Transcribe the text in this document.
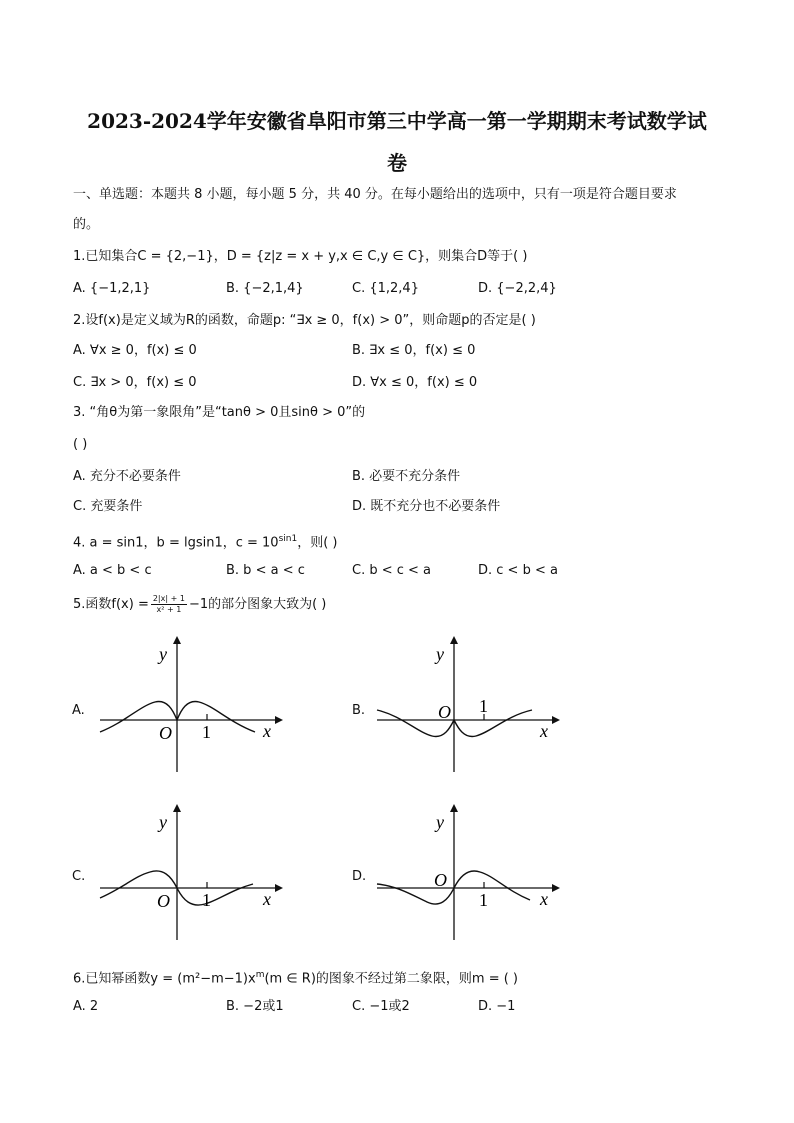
2023-2024学年安徽省阜阳市第三中学高一第一学期期末考试数学试
卷
一、单选题：本题共 8 小题，每小题 5 分，共 40 分。在每小题给出的选项中，只有一项是符合题目要求
的。
1.已知集合C = {2,−1}，D = {z|z = x + y,x ∈ C,y ∈ C}，则集合D等于( )
A. {−1,2,1}	B. {−2,1,4}	C. {1,2,4}	D. {−2,2,4}
2.设f(x)是定义域为R的函数，命题p: “∃x ≥ 0，f(x) > 0”，则命题p的否定是( )
A. ∀x ≥ 0，f(x) ≤ 0	B. ∃x ≤ 0，f(x) ≤ 0
C. ∃x > 0，f(x) ≤ 0	D. ∀x ≤ 0，f(x) ≤ 0
3. “角θ为第一象限角”是“tanθ > 0且sinθ > 0”的
( )
A. 充分不必要条件	B. 必要不充分条件
C. 充要条件	D. 既不充分也不必要条件
4. a = sin1，b = lgsin1，$c = 10^{sin1}$，则( )
A. a < b < c	B. b < a < c	C. b < c < a	D. c < b < a
5.函数$f(x) = \frac{2|x| + 1}{\text{x² + 1}} -1$的部分图象大致为( )
A.	B.
C.	D.
y
x
O 1
y
x
O 1
y
x
O 1
y
x
O
1
6.已知幂函数$y = (m^2-m-1)x^m(m$ ∈ R)的图象不经过第二象限，则m = ( )
A. 2	B. −2或1	C. −1或2	D. −1
